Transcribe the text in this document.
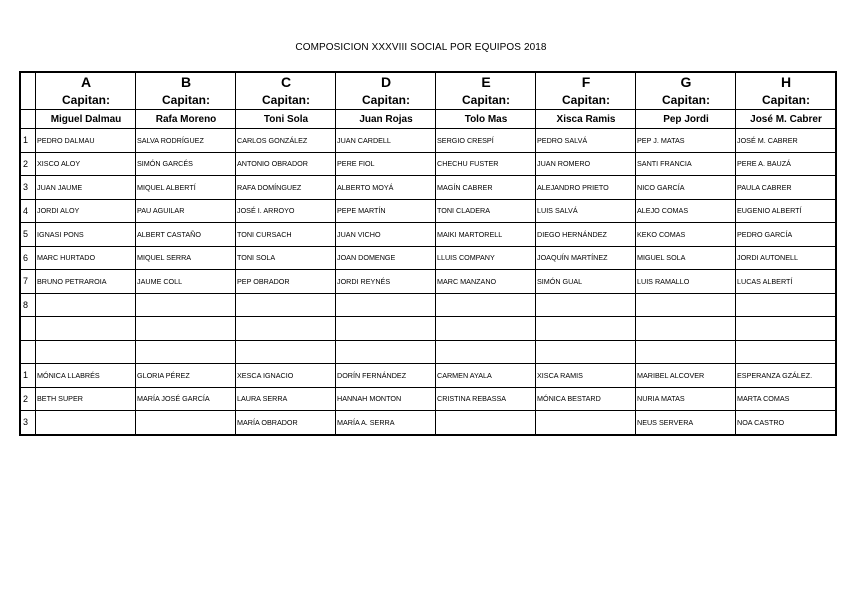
COMPOSICION XXXVIII SOCIAL POR EQUIPOS 2018
	A	B	C	D	E	F	G	H
	Capitan:	Capitan:	Capitan:	Capitan:	Capitan:	Capitan:	Capitan:	Capitan:
	Miguel Dalmau	Rafa Moreno	Toni Sola	Juan Rojas	Tolo Mas	Xisca Ramis	Pep Jordi	José M. Cabrer
1	PEDRO DALMAU	SALVA RODRÍGUEZ	CARLOS GONZÁLEZ	JUAN CARDELL	SERGIO CRESPÍ	PEDRO SALVÁ	PEP J. MATAS	JOSÉ M. CABRER
2	XISCO ALOY	SIMÓN GARCÉS	ANTONIO OBRADOR	PERE FIOL	CHECHU FUSTER	JUAN ROMERO	SANTI FRANCIA	PERE A. BAUZÁ
3	JUAN JAUME	MIQUEL ALBERTÍ	RAFA DOMÍNGUEZ	ALBERTO MOYÁ	MAGÍN CABRER	ALEJANDRO PRIETO	NICO GARCÍA	PAULA CABRER
4	JORDI ALOY	PAU AGUILAR	JOSÉ I. ARROYO	PEPE MARTÍN	TONI CLADERA	LUIS SALVÁ	ALEJO COMAS	EUGENIO ALBERTÍ
5	IGNASI PONS	ALBERT CASTAÑO	TONI CURSACH	JUAN VICHO	MAIKI MARTORELL	DIEGO HERNÁNDEZ	KEKO COMAS	PEDRO GARCÍA
6	MARC HURTADO	MIQUEL SERRA	TONI SOLA	JOAN DOMENGE	LLUIS COMPANY	JOAQUÍN MARTÍNEZ	MIGUEL SOLA	JORDI AUTONELL
7	BRUNO PETRAROIA	JAUME COLL	PEP OBRADOR	JORDI REYNÉS	MARC MANZANO	SIMÓN GUAL	LUIS RAMALLO	LUCAS ALBERTÍ
8								

1	MÓNICA LLABRÉS	GLORIA PÉREZ	XESCA IGNACIO	DORÍN FERNÁNDEZ	CARMEN AYALA	XISCA RAMIS	MARIBEL ALCOVER	ESPERANZA GZÁLEZ.
2	BETH SUPER	MARÍA JOSÉ GARCÍA	LAURA SERRA	HANNAH MONTON	CRISTINA REBASSA	MÓNICA BESTARD	NURIA MATAS	MARTA COMAS
3			MARÍA OBRADOR	MARÍA A. SERRA			NEUS SERVERA	NOA CASTRO
